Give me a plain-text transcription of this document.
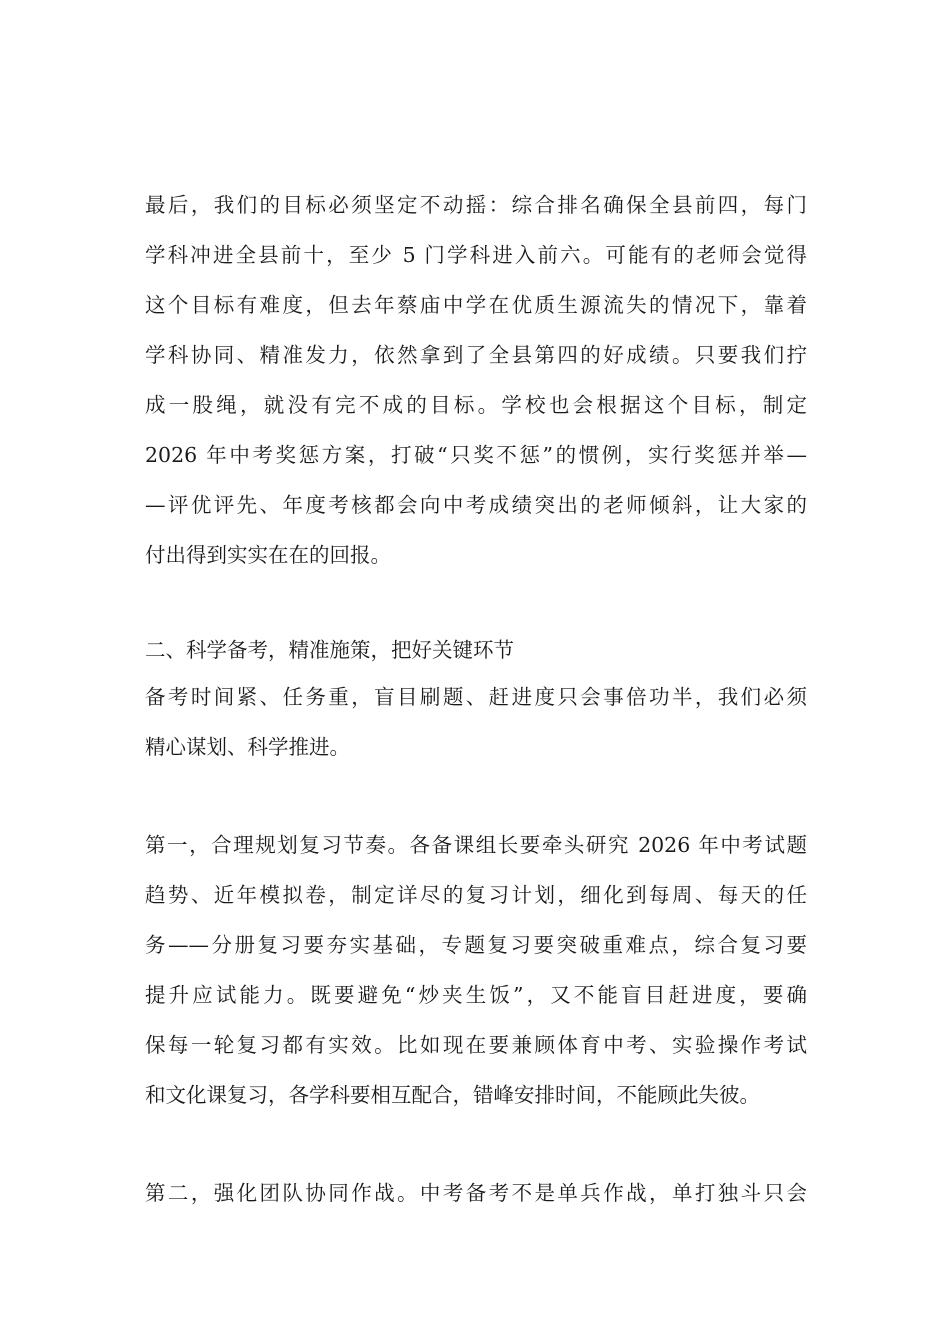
最后，我们的目标必须坚定不动摇：综合排名确保全县前四，每门
学科冲进全县前十，至少 5 门学科进入前六。可能有的老师会觉得
这个目标有难度，但去年蔡庙中学在优质生源流失的情况下，靠着
学科协同、精准发力，依然拿到了全县第四的好成绩。只要我们拧
成一股绳，就没有完不成的目标。学校也会根据这个目标，制定
2026 年中考奖惩方案，打破“只奖不惩”的惯例，实行奖惩并举—
—评优评先、年度考核都会向中考成绩突出的老师倾斜，让大家的
付出得到实实在在的回报。
二、科学备考，精准施策，把好关键环节
备考时间紧、任务重，盲目刷题、赶进度只会事倍功半，我们必须
精心谋划、科学推进。
第一，合理规划复习节奏。各备课组长要牵头研究 2026 年中考试题
趋势、近年模拟卷，制定详尽的复习计划，细化到每周、每天的任
务——分册复习要夯实基础，专题复习要突破重难点，综合复习要
提升应试能力。既要避免“炒夹生饭”，又不能盲目赶进度，要确
保每一轮复习都有实效。比如现在要兼顾体育中考、实验操作考试
和文化课复习，各学科要相互配合，错峰安排时间，不能顾此失彼。
第二，强化团队协同作战。中考备考不是单兵作战，单打独斗只会
